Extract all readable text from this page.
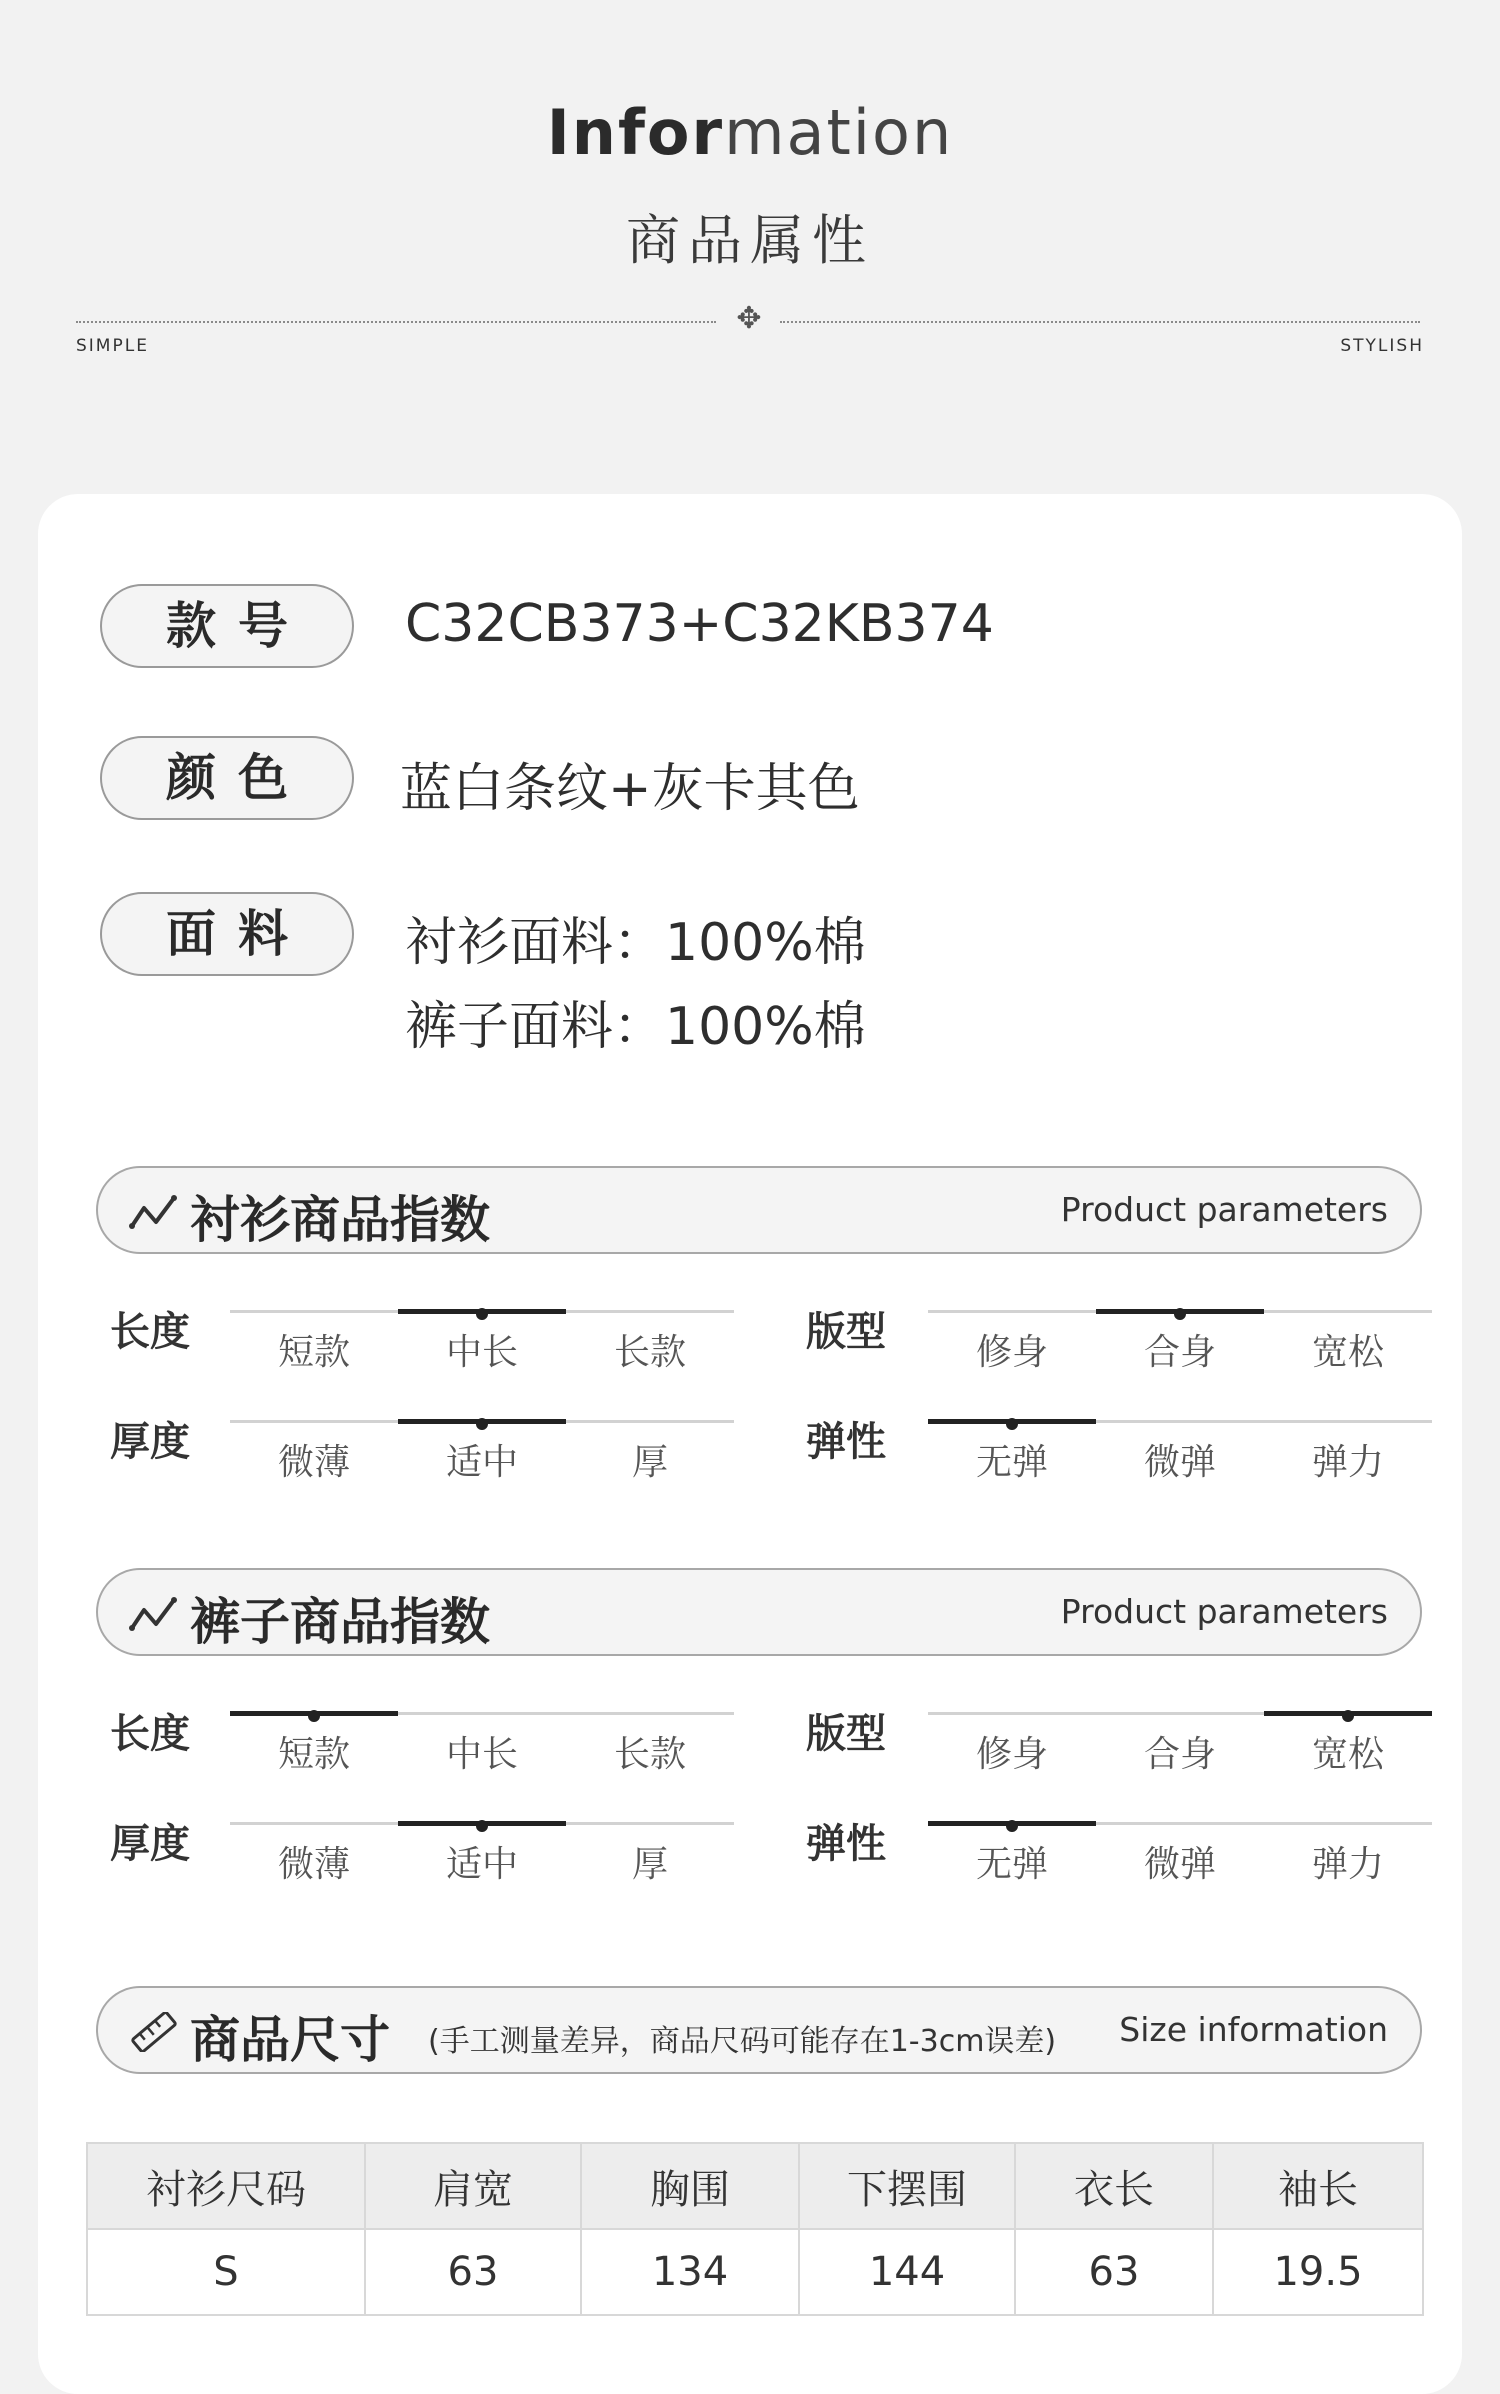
Information
商品属性
✥
SIMPLE	STYLISH
款号	C32CB373+C32KB374
颜色	蓝白条纹+灰卡其色
面料	衬衫面料：100%棉
裤子面料：100%棉
衬衫商品指数	Product parameters
长度	短款	中长	长款	版型	修身	合身	宽松
厚度	微薄	适中	厚	弹性	无弹	微弹	弹力
裤子商品指数	Product parameters
长度	短款	中长	长款	版型	修身	合身	宽松
厚度	微薄	适中	厚	弹性	无弹	微弹	弹力
商品尺寸 (手工测量差异，商品尺码可能存在1-3cm误差) Size information
衬衫尺码	肩宽	胸围	下摆围	衣长	袖长
S	63	134	144	63	19.5
